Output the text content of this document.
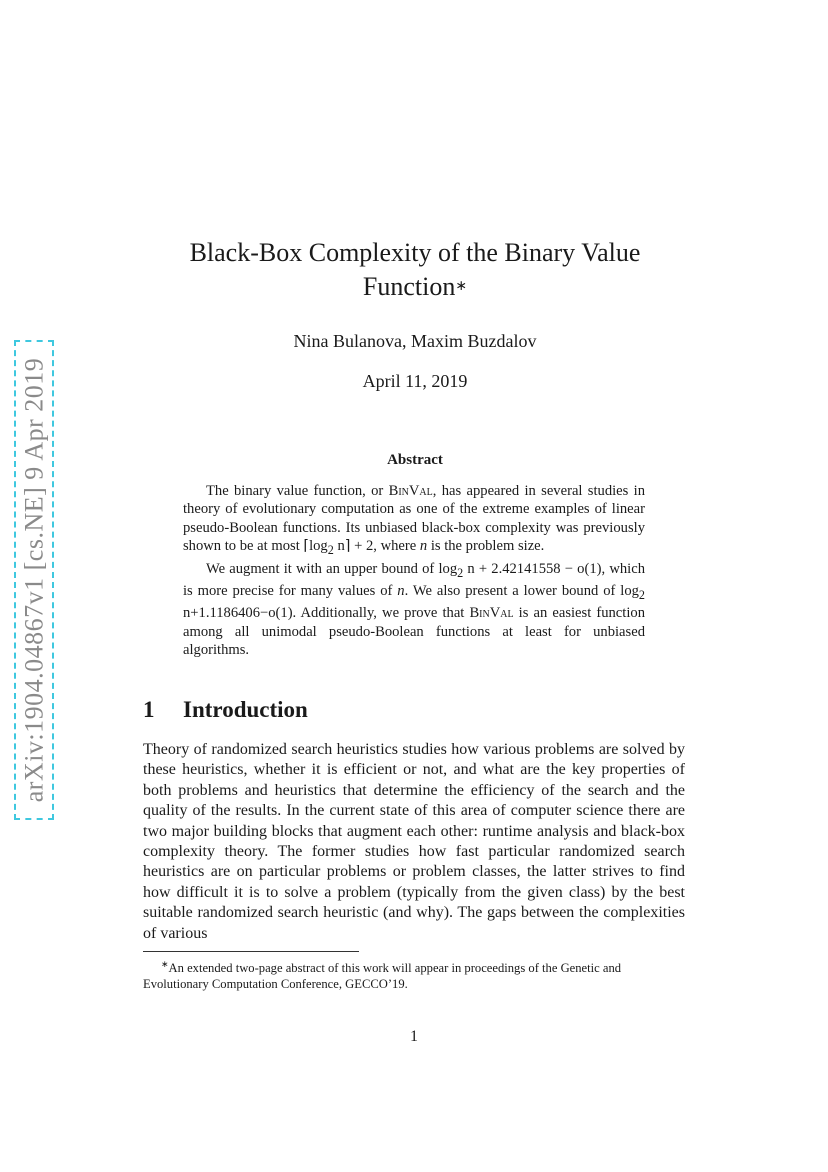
arXiv:1904.04867v1 [cs.NE] 9 Apr 2019
Black-Box Complexity of the Binary Value
Function∗
Nina Bulanova, Maxim Buzdalov
April 11, 2019
Abstract

The binary value function, or BinVal, has appeared in several studies in theory of evolutionary computation as one of the extreme examples of linear pseudo-Boolean functions. Its unbiased black-box complexity was previously shown to be at most $⌈\log_2$ n⌉ + 2, where n is the problem size.

We augment it with an upper bound of $\log_2 n + 2.42141558 - o(1)$, which is more precise for many values of n. We also present a lower bound of $\log_2 n+1.1186406-o(1)$. Additionally, we prove that BinVal is an easiest function among all unimodal pseudo-Boolean functions at least for unbiased algorithms.

1 Introduction

Theory of randomized search heuristics studies how various problems are solved by these heuristics, whether it is efficient or not, and what are the key properties of both problems and heuristics that determine the efficiency of the search and the quality of the results. In the current state of this area of computer science there are two major building blocks that augment each other: runtime analysis and black-box complexity theory. The former studies how fast particular randomized search heuristics are on particular problems or problem classes, the latter strives to find how difficult it is to solve a problem (typically from the given class) by the best suitable randomized search heuristic (and why). The gaps between the complexities of various

∗An extended two-page abstract of this work will appear in proceedings of the Genetic and Evolutionary Computation Conference, GECCO’19.

1
